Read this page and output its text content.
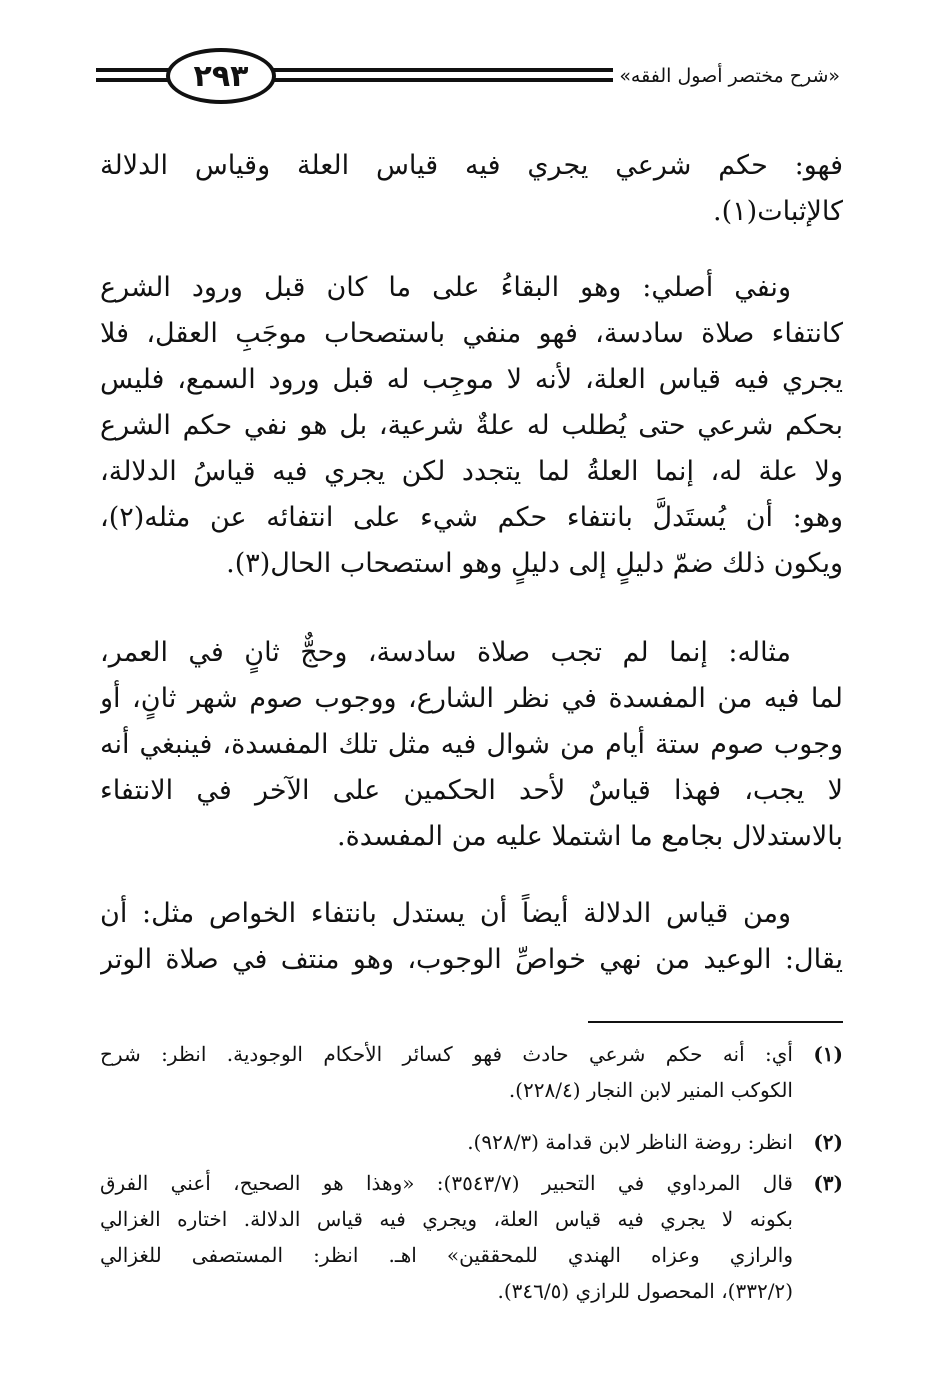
٢٩٣	«شرح مختصر أصول الفقه»
فهو: حكم شرعي يجري فيه قياس العلة وقياس الدلالة
كالإثبات(١).
ونفي أصلي: وهو البقاءُ على ما كان قبل ورود الشرع
كانتفاء صلاة سادسة، فهو منفي باستصحاب موجَبِ العقل، فلا
يجري فيه قياس العلة، لأنه لا موجِب له قبل ورود السمع، فليس
بحكم شرعي حتى يُطلب له علةٌ شرعية، بل هو نفي حكم الشرع
ولا علة له، إنما العلةُ لما يتجدد لكن يجري فيه قياسُ الدلالة،
وهو: أن يُستَدلَّ بانتفاء حكم شيء على انتفائه عن مثله(٢)،
ويكون ذلك ضمّ دليلٍ إلى دليلٍ وهو استصحاب الحال(٣).
مثاله: إنما لم تجب صلاة سادسة، وحجٌّ ثانٍ في العمر،
لما فيه من المفسدة في نظر الشارع، ووجوب صوم شهر ثانٍ، أو
وجوب صوم ستة أيام من شوال فيه مثل تلك المفسدة، فينبغي أنه
لا يجب، فهذا قياسٌ لأحد الحكمين على الآخر في الانتفاء
بالاستدلال بجامع ما اشتملا عليه من المفسدة.
ومن قياس الدلالة أيضاً أن يستدل بانتفاء الخواص مثل: أن
يقال: الوعيد من نهي خواصِّ الوجوب، وهو منتف في صلاة الوتر
(١)
أي: أنه حكم شرعي حادث فهو كسائر الأحكام الوجودية. انظر: شرح
الكوكب المنير لابن النجار (٢٢٨/٤).
(٢)
انظر: روضة الناظر لابن قدامة (٩٢٨/٣).
(٣)
قال المرداوي في التحبير (٣٥٤٣/٧): «وهذا هو الصحيح، أعني الفرق
بكونه لا يجري فيه قياس العلة، ويجري فيه قياس الدلالة. اختاره الغزالي
والرازي وعزاه الهندي للمحققين» اهـ. انظر: المستصفى للغزالي
(٣٣٢/٢)، المحصول للرازي (٣٤٦/٥).
